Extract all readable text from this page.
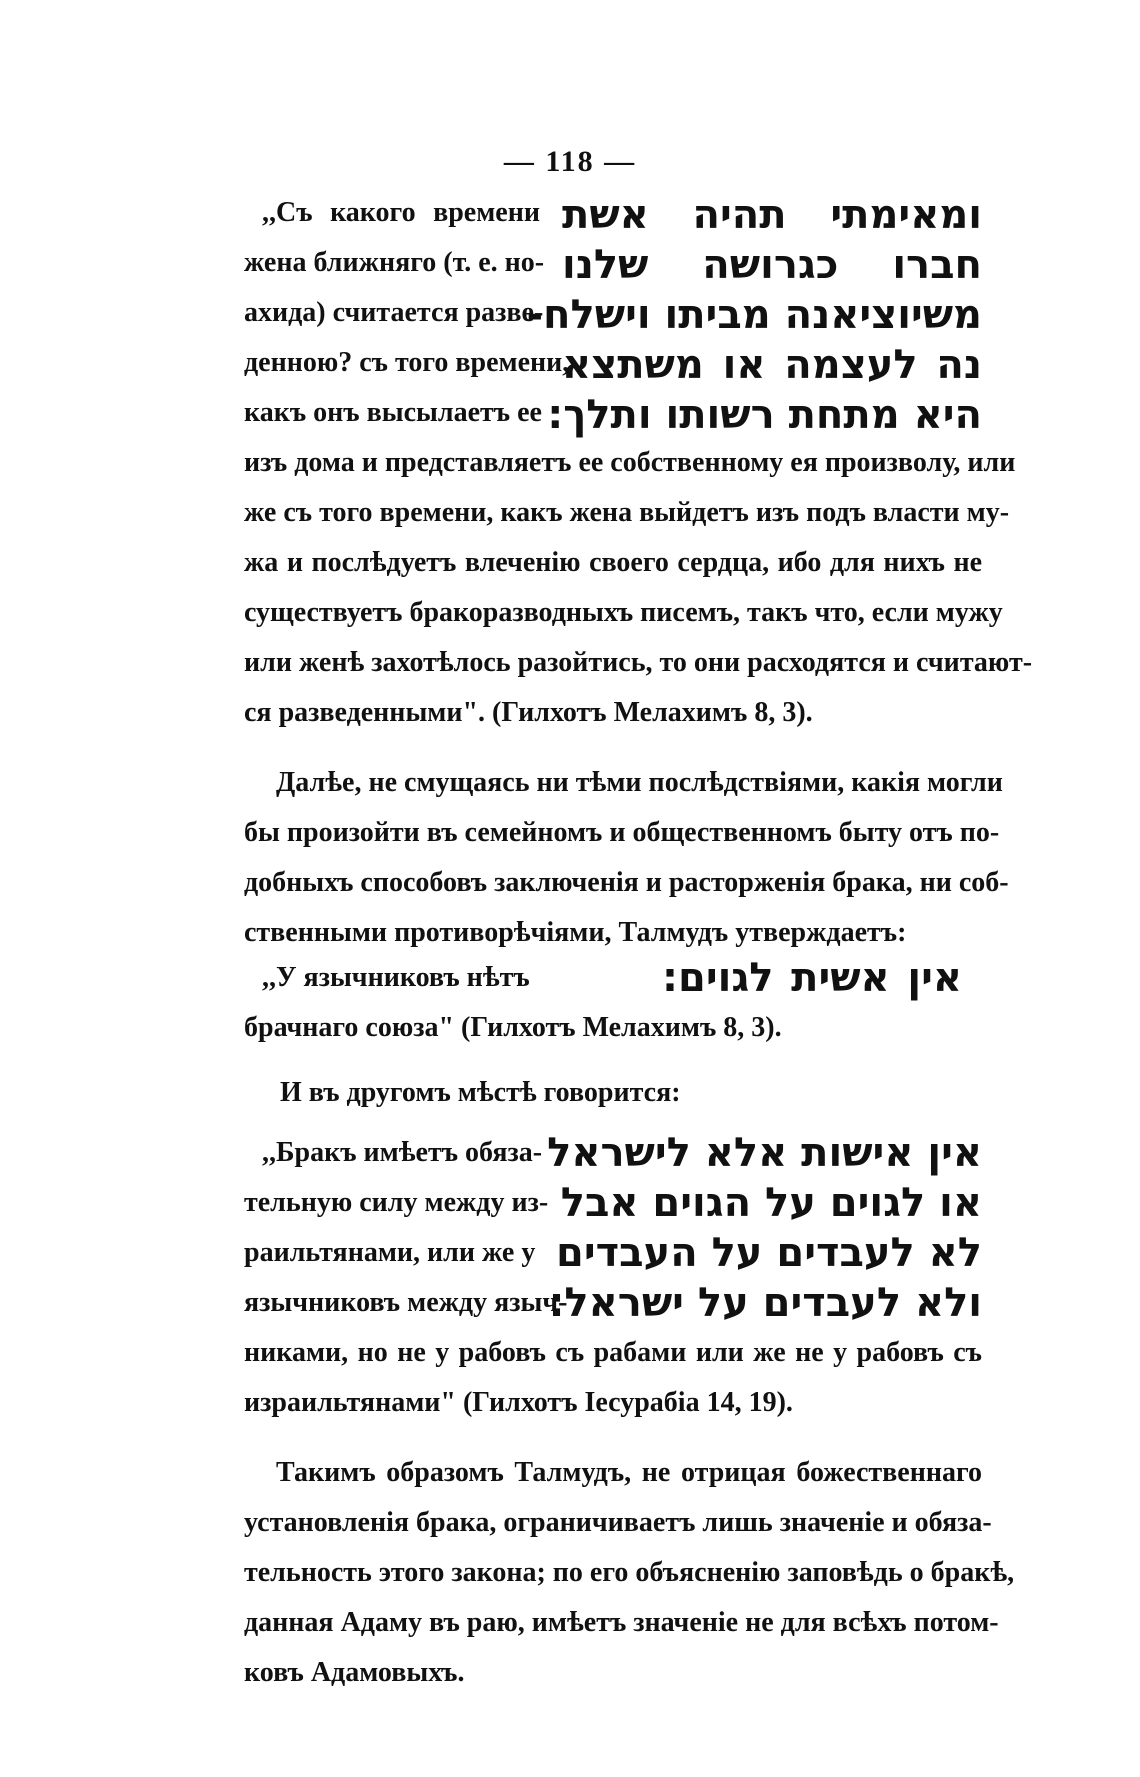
— 118 —
,,Съ какого времени
жена ближняго (т. е. но-
ахида) считается разве-
денною? съ того времени,
какъ онъ высылаетъ ее
ומאימתי תהיה אשת
חברו כגרושה שלנו
משיוציאנה מביתו וישלח-
נה לעצמה או משתצא
היא מתחת רשותו ותלך:
изъ дома и представляетъ ее собственному ея произволу, или
же съ того времени, какъ жена выйдетъ изъ подъ власти му-
жа и послѣдуетъ влеченію своего сердца, ибо для нихъ не
существуетъ бракоразводныхъ писемъ, такъ что, если мужу
или женѣ захотѣлось разойтись, то они расходятся и считают-
ся разведенными". (Гилхотъ Мелахимъ 8, 3).
Далѣе, не смущаясь ни тѣми послѣдствіями, какія могли
бы произойти въ семейномъ и общественномъ быту отъ по-
добныхъ способовъ заключенія и расторженія брака, ни соб-
ственными противорѣчіями, Талмудъ утверждаетъ:
,,У язычниковъ нѣтъ	אין אשית לגוים:
брачнаго союза" (Гилхотъ Мелахимъ 8, 3).
И въ другомъ мѣстѣ говорится:
,,Бракъ имѣетъ обяза-
тельную силу между из-
раильтянами, или же у
язычниковъ между языч-
אין אישות אלא לישראל
או לגוים על הגוים אבל
לא לעבדים על העבדים
ולא לעבדים על ישראל:
никами, но не у рабовъ съ рабами или же не у рабовъ съ
израильтянами" (Гилхотъ Іесурабіа 14, 19).
Такимъ образомъ Талмудъ, не отрицая божественнаго
установленія брака, ограничиваетъ лишь значеніе и обяза-
тельность этого закона; по его объясненію заповѣдь о бракѣ,
данная Адаму въ раю, имѣетъ значеніе не для всѣхъ потом-
ковъ Адамовыхъ.
